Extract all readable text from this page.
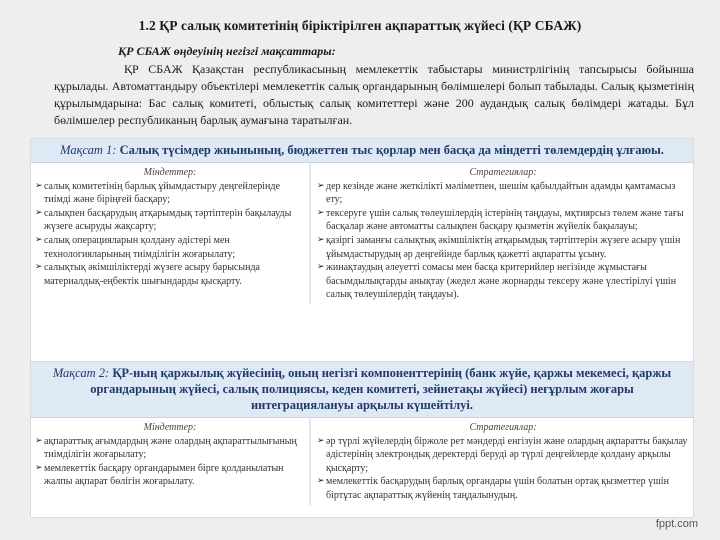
1.2 ҚР салық комитетінің біріктірілген ақпараттық жүйесі (ҚР СБАЖ)
ҚР СБАЖ өңдеуінің негізгі мақсаттары:
ҚР СБАЖ Қазақстан республикасының мемлекеттік табыстары министрлігінің тапсырысы бойынша құрылады. Автоматтандыру объектілері мемлекеттік салық органдарының бөлімшелері болып табылады. Салық қызметінің құрылымдарына: Бас салық комитеті, облыстық салық комитеттері және 200 аудандық салық бөлімдері жатады. Бұл бөлімшелер республиканың барлық аумағына таратылған.
Мақсат 1: Салық түсімдер жиынының, бюджеттен тыс қорлар мен басқа да міндетті төлемдердің ұлғаюы.
Міндеттер:
➢ салық комитетінің барлық ұйымдастыру деңгейлерінде тиімді және біріңғей басқару;
➢ салықпен басқарудың атқарымдық тәртіптерін бақылауды жүзеге асыруды жақсарту;
➢ салық операцияларын қолдану әдістері мен технологияларының тиімділігін жоғарылату;
➢ салықтық әкімшіліктерді жүзеге асыру барысында материалдық-еңбектік шығындарды қысқарту.
Стратегиялар:
➢ дер кезінде және жеткілікті мәліметпен, шешім қабылдайтын адамды қамтамасыз ету;
➢ тексеруге үшін салық төлеушілердің істерінің таңдауы, мқтиярсыз төлем және тағы басқалар және автоматты салықпен басқару қызметін жүйелік бақылауы;
➢ қазіргі заманғы салықтық әкімшіліктің атқарымдық тәртіптерін жүзеге асыру үшін ұйымдастырудың әр деңгейінде барлық қажетті ақпаратты ұсыну.
➢ жинақтаудың әлеуетті сомасы мен басқа критерийлер негізінде жұмыстағы басымдылықтарды анықтау (жедел және жорнарды тексеру және үлестірілуі үшін салық төлеушілердің таңдауы).
Мақсат 2: ҚР-ның қаржылық жүйесінің, оның негізгі компоненттерінің (банк жүйе, қаржы мекемесі, қаржы органдарының жүйесі, салық полициясы, кеден комитеті, зейнетақы жүйесі) неғұрлым жоғары интеграциялануы арқылы күшейтілуі.
Міндеттер:
➢ ақпараттық ағымдардың және олардың ақпараттылығының тиімділігін жоғарылату;
➢ мемлекеттік басқару органдарымен бірге қолданылатын жалпы ақпарат бөлігін жоғарылату.
Стратегиялар:
➢ әр түрлі жүйелердің біржоле рет мәндерді енгізуін және олардың ақпаратты бақылау әдістерінің электрондық деректерді беруді әр түрлі деңгейлерде қолдану арқылы қысқарту;
➢ мемлекеттік басқарудың барлық органдары үшін болатын ортақ қызметтер үшін біртұтас ақпараттық жүйенің таңдалынудың.
fppt.com
